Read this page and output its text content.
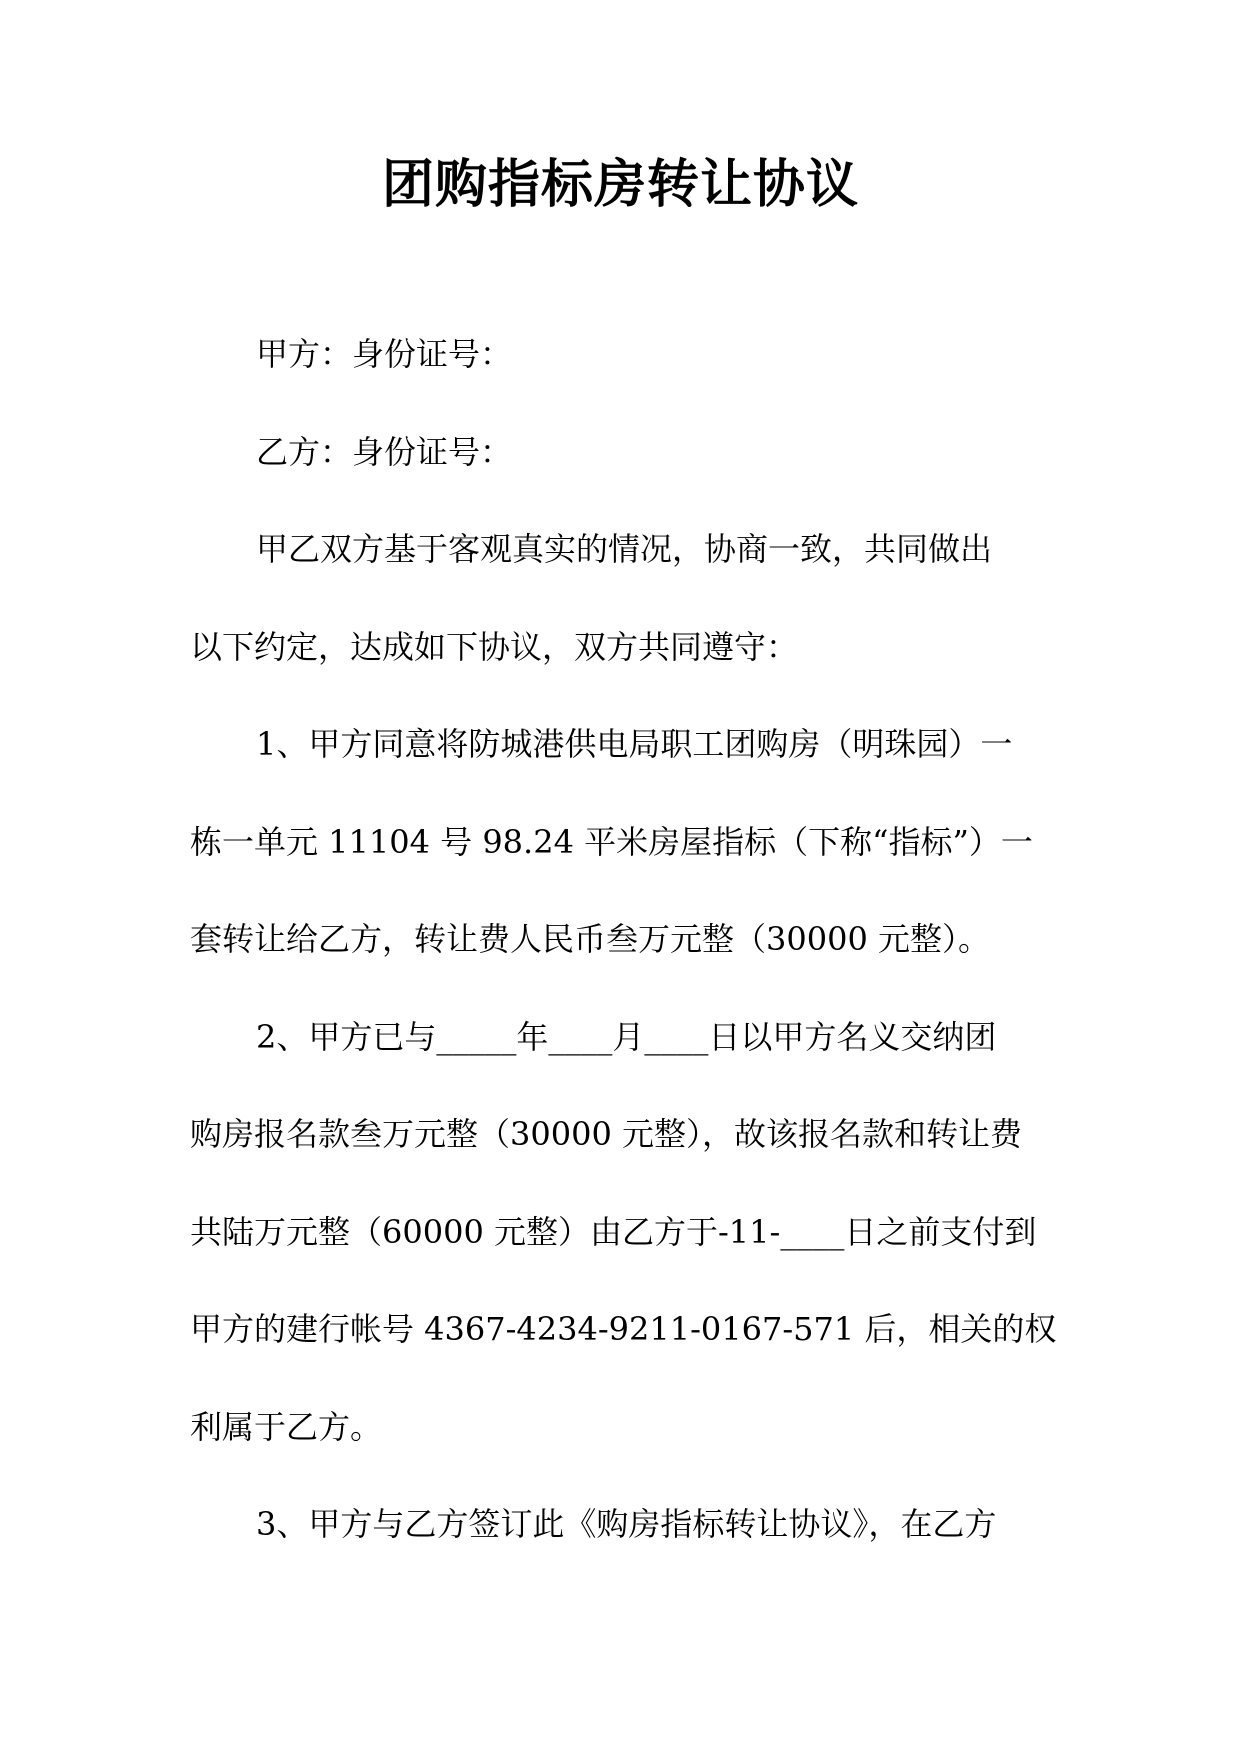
团购指标房转让协议

甲方：身份证号：

乙方：身份证号：

甲乙双方基于客观真实的情况，协商一致，共同做出

以下约定，达成如下协议，双方共同遵守：

1、甲方同意将防城港供电局职工团购房（明珠园）一

栋一单元 11104 号 98.24 平米房屋指标（下称“指标”）一

套转让给乙方，转让费人民币叁万元整（30000 元整）。

2、甲方已与_____年____月____日以甲方名义交纳团

购房报名款叁万元整（30000 元整），故该报名款和转让费

共陆万元整（60000 元整）由乙方于-11-____日之前支付到

甲方的建行帐号 4367-4234-9211-0167-571 后，相关的权

利属于乙方。

3、甲方与乙方签订此《购房指标转让协议》，在乙方
